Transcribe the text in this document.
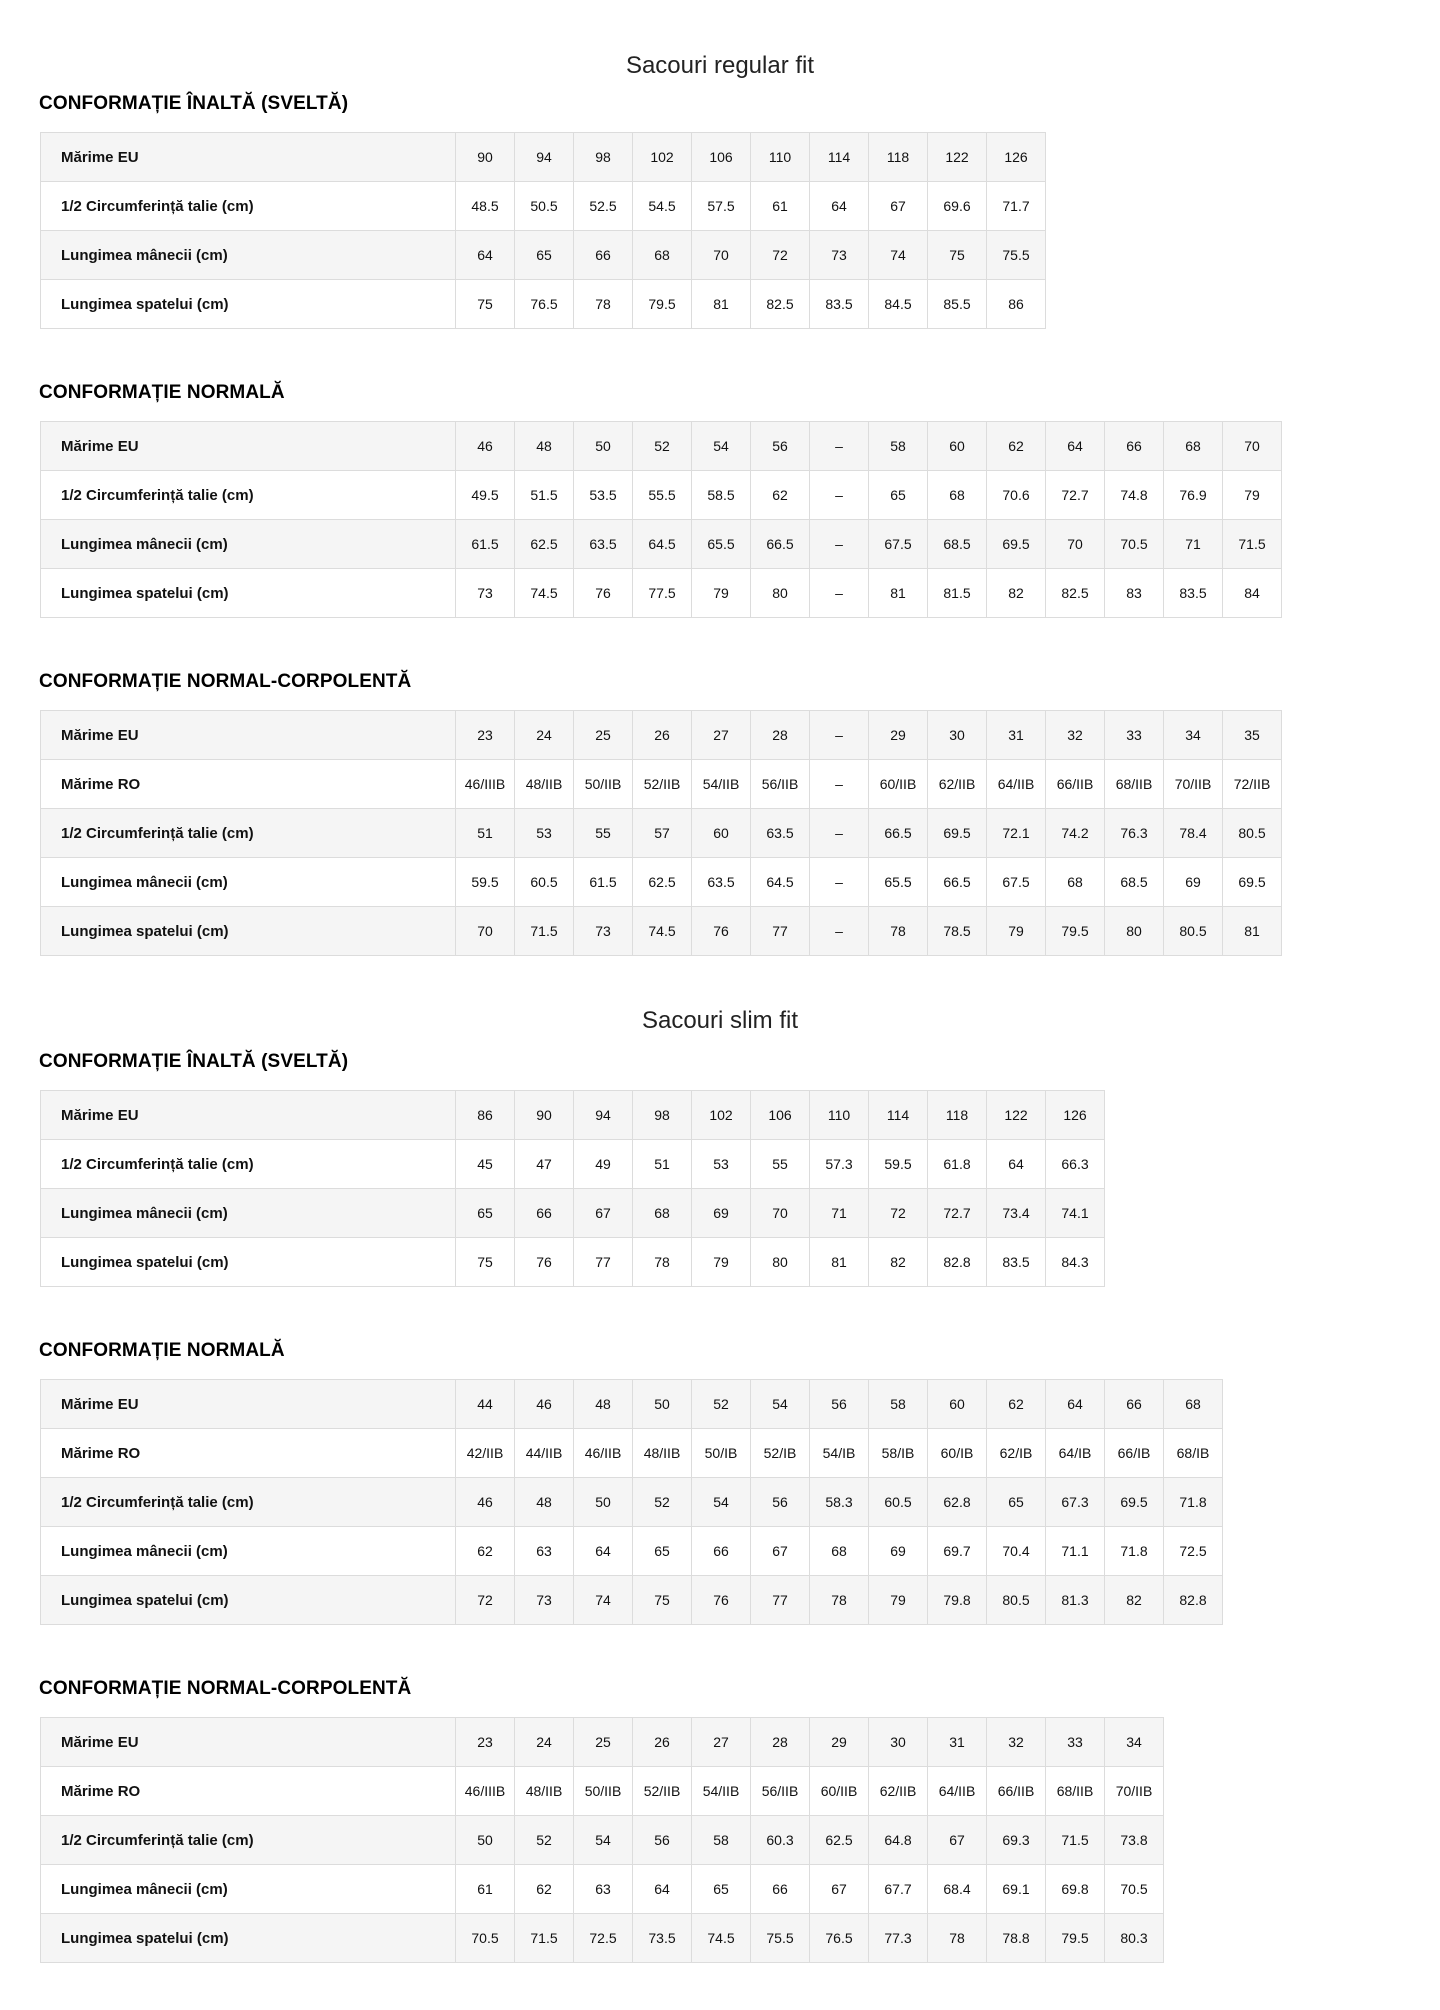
Sacouri regular fit
CONFORMAȚIE ÎNALTĂ (SVELTĂ)
Mărime EU	90	94	98	102	106	110	114	118	122	126
1/2 Circumferință talie (cm)	48.5	50.5	52.5	54.5	57.5	61	64	67	69.6	71.7
Lungimea mânecii (cm)	64	65	66	68	70	72	73	74	75	75.5
Lungimea spatelui (cm)	75	76.5	78	79.5	81	82.5	83.5	84.5	85.5	86
CONFORMAȚIE NORMALĂ
Mărime EU	46	48	50	52	54	56	–	58	60	62	64	66	68	70
1/2 Circumferință talie (cm)	49.5	51.5	53.5	55.5	58.5	62	–	65	68	70.6	72.7	74.8	76.9	79
Lungimea mânecii (cm)	61.5	62.5	63.5	64.5	65.5	66.5	–	67.5	68.5	69.5	70	70.5	71	71.5
Lungimea spatelui (cm)	73	74.5	76	77.5	79	80	–	81	81.5	82	82.5	83	83.5	84
CONFORMAȚIE NORMAL-CORPOLENTĂ
Mărime EU	23	24	25	26	27	28	–	29	30	31	32	33	34	35
Mărime RO	46/IIIB	48/IIB	50/IIB	52/IIB	54/IIB	56/IIB	–	60/IIB	62/IIB	64/IIB	66/IIB	68/IIB	70/IIB	72/IIB
1/2 Circumferință talie (cm)	51	53	55	57	60	63.5	–	66.5	69.5	72.1	74.2	76.3	78.4	80.5
Lungimea mânecii (cm)	59.5	60.5	61.5	62.5	63.5	64.5	–	65.5	66.5	67.5	68	68.5	69	69.5
Lungimea spatelui (cm)	70	71.5	73	74.5	76	77	–	78	78.5	79	79.5	80	80.5	81
Sacouri slim fit
CONFORMAȚIE ÎNALTĂ (SVELTĂ)
Mărime EU	86	90	94	98	102	106	110	114	118	122	126
1/2 Circumferință talie (cm)	45	47	49	51	53	55	57.3	59.5	61.8	64	66.3
Lungimea mânecii (cm)	65	66	67	68	69	70	71	72	72.7	73.4	74.1
Lungimea spatelui (cm)	75	76	77	78	79	80	81	82	82.8	83.5	84.3
CONFORMAȚIE NORMALĂ
Mărime EU	44	46	48	50	52	54	56	58	60	62	64	66	68
Mărime RO	42/IIB	44/IIB	46/IIB	48/IIB	50/IB	52/IB	54/IB	58/IB	60/IB	62/IB	64/IB	66/IB	68/IB
1/2 Circumferință talie (cm)	46	48	50	52	54	56	58.3	60.5	62.8	65	67.3	69.5	71.8
Lungimea mânecii (cm)	62	63	64	65	66	67	68	69	69.7	70.4	71.1	71.8	72.5
Lungimea spatelui (cm)	72	73	74	75	76	77	78	79	79.8	80.5	81.3	82	82.8
CONFORMAȚIE NORMAL-CORPOLENTĂ
Mărime EU	23	24	25	26	27	28	29	30	31	32	33	34
Mărime RO	46/IIIB	48/IIB	50/IIB	52/IIB	54/IIB	56/IIB	60/IIB	62/IIB	64/IIB	66/IIB	68/IIB	70/IIB
1/2 Circumferință talie (cm)	50	52	54	56	58	60.3	62.5	64.8	67	69.3	71.5	73.8
Lungimea mânecii (cm)	61	62	63	64	65	66	67	67.7	68.4	69.1	69.8	70.5
Lungimea spatelui (cm)	70.5	71.5	72.5	73.5	74.5	75.5	76.5	77.3	78	78.8	79.5	80.3
